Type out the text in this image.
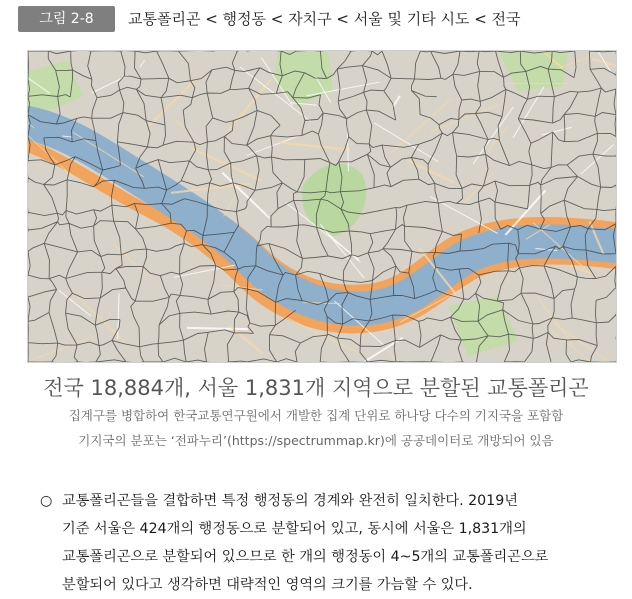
그림 2-8	교통폴리곤 < 행정동 < 자치구 < 서울 및 기타 시도 < 전국
전국 18,884개, 서울 1,831개 지역으로 분할된 교통폴리곤
집계구를 병합하여 한국교통연구원에서 개발한 집계 단위로 하나당 다수의 기지국을 포함함
기지국의 분포는 ‘전파누리’(https://spectrummap.kr)에 공공데이터로 개방되어 있음
○ 교통폴리곤들을 결합하면 특정 행정동의 경계와 완전히 일치한다. 2019년
기준 서울은 424개의 행정동으로 분할되어 있고, 동시에 서울은 1,831개의
교통폴리곤으로 분할되어 있으므로 한 개의 행정동이 4~5개의 교통폴리곤으로
분할되어 있다고 생각하면 대략적인 영역의 크기를 가늠할 수 있다.
